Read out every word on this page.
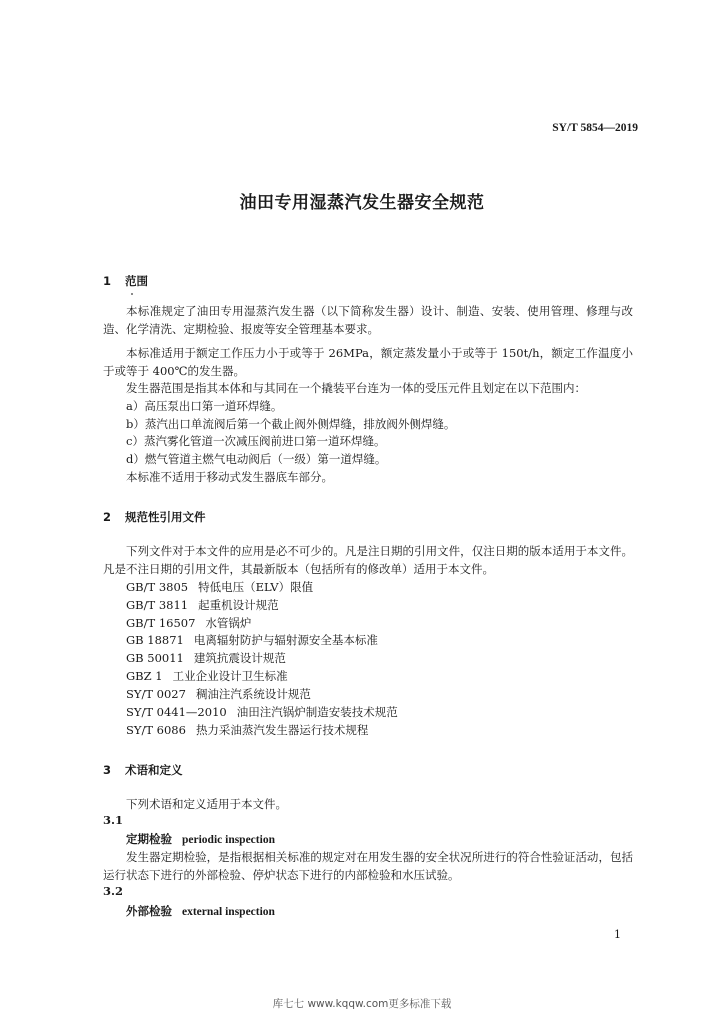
SY/T 5854—2019
油田专用湿蒸汽发生器安全规范
1 范围
本标准规定了油田专用湿蒸汽发生器（以下简称发生器）设计、制造、安装、使用管理、修理与改造、化学清洗、定期检验、报废等安全管理基本要求。
本标准适用于额定工作压力小于或等于 26MPa，额定蒸发量小于或等于 150t/h，额定工作温度小于或等于 400℃的发生器。
发生器范围是指其本体和与其同在一个撬装平台连为一体的受压元件且划定在以下范围内：
a）高压泵出口第一道环焊缝。
b）蒸汽出口单流阀后第一个截止阀外侧焊缝，排放阀外侧焊缝。
c）蒸汽雾化管道一次减压阀前进口第一道环焊缝。
d）燃气管道主燃气电动阀后（一级）第一道焊缝。
本标准不适用于移动式发生器底车部分。
2 规范性引用文件
下列文件对于本文件的应用是必不可少的。凡是注日期的引用文件，仅注日期的版本适用于本文件。凡是不注日期的引用文件，其最新版本（包括所有的修改单）适用于本文件。
GB/T 3805 特低电压（ELV）限值
GB/T 3811 起重机设计规范
GB/T 16507 水管锅炉
GB 18871 电离辐射防护与辐射源安全基本标准
GB 50011 建筑抗震设计规范
GBZ 1 工业企业设计卫生标准
SY/T 0027 稠油注汽系统设计规范
SY/T 0441—2010 油田注汽锅炉制造安装技术规范
SY/T 6086 热力采油蒸汽发生器运行技术规程
3 术语和定义
下列术语和定义适用于本文件。
3.1
定期检验 periodic inspection
发生器定期检验，是指根据相关标准的规定对在用发生器的安全状况所进行的符合性验证活动，包括运行状态下进行的外部检验、停炉状态下进行的内部检验和水压试验。
3.2
外部检验 external inspection
1
库七七 www.kqqw.com更多标准下载
